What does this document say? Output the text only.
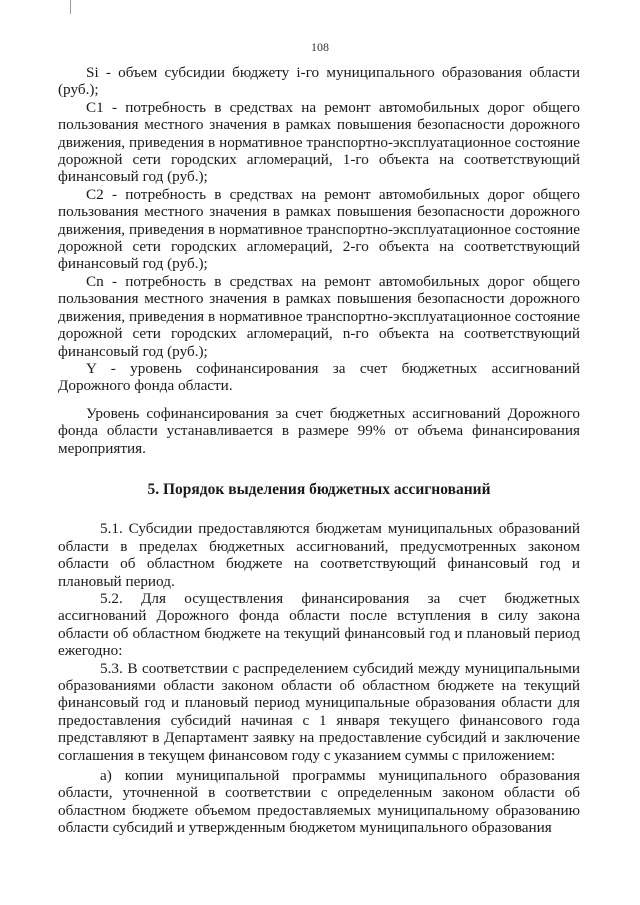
108

Si - объем субсидии бюджету i-го муниципального образования области (руб.);

С1 - потребность в средствах на ремонт автомобильных дорог общего пользования местного значения в рамках повышения безопасности дорожного движения, приведения в нормативное транспортно-эксплуатационное состояние дорожной сети городских агломераций, 1-го объекта на соответствующий финансовый год (руб.);

С2 - потребность в средствах на ремонт автомобильных дорог общего пользования местного значения в рамках повышения безопасности дорожного движения, приведения в нормативное транспортно-эксплуатационное состояние дорожной сети городских агломераций, 2-го объекта на соответствующий финансовый год (руб.);

Сn - потребность в средствах на ремонт автомобильных дорог общего пользования местного значения в рамках повышения безопасности дорожного движения, приведения в нормативное транспортно-эксплуатационное состояние дорожной сети городских агломераций, n-го объекта на соответствующий финансовый год (руб.);

Y - уровень софинансирования за счет бюджетных ассигнований Дорожного фонда области.

Уровень софинансирования за счет бюджетных ассигнований Дорожного фонда области устанавливается в размере 99% от объема финансирования мероприятия.

5. Порядок выделения бюджетных ассигнований

5.1. Субсидии предоставляются бюджетам муниципальных образований области в пределах бюджетных ассигнований, предусмотренных законом области об областном бюджете на соответствующий финансовый год и плановый период.

5.2. Для осуществления финансирования за счет бюджетных ассигнований Дорожного фонда области после вступления в силу закона области об областном бюджете на текущий финансовый год и плановый период ежегодно:

5.3. В соответствии с распределением субсидий между муниципальными образованиями области законом области об областном бюджете на текущий финансовый год и плановый период муниципальные образования области для предоставления субсидий начиная с 1 января текущего финансового года представляют в Департамент заявку на предоставление субсидий и заключение соглашения в текущем финансовом году с указанием суммы с приложением:

а) копии муниципальной программы муниципального образования области, уточненной в соответствии с определенным законом области об областном бюджете объемом предоставляемых муниципальному образованию области субсидий и утвержденным бюджетом муниципального образования
